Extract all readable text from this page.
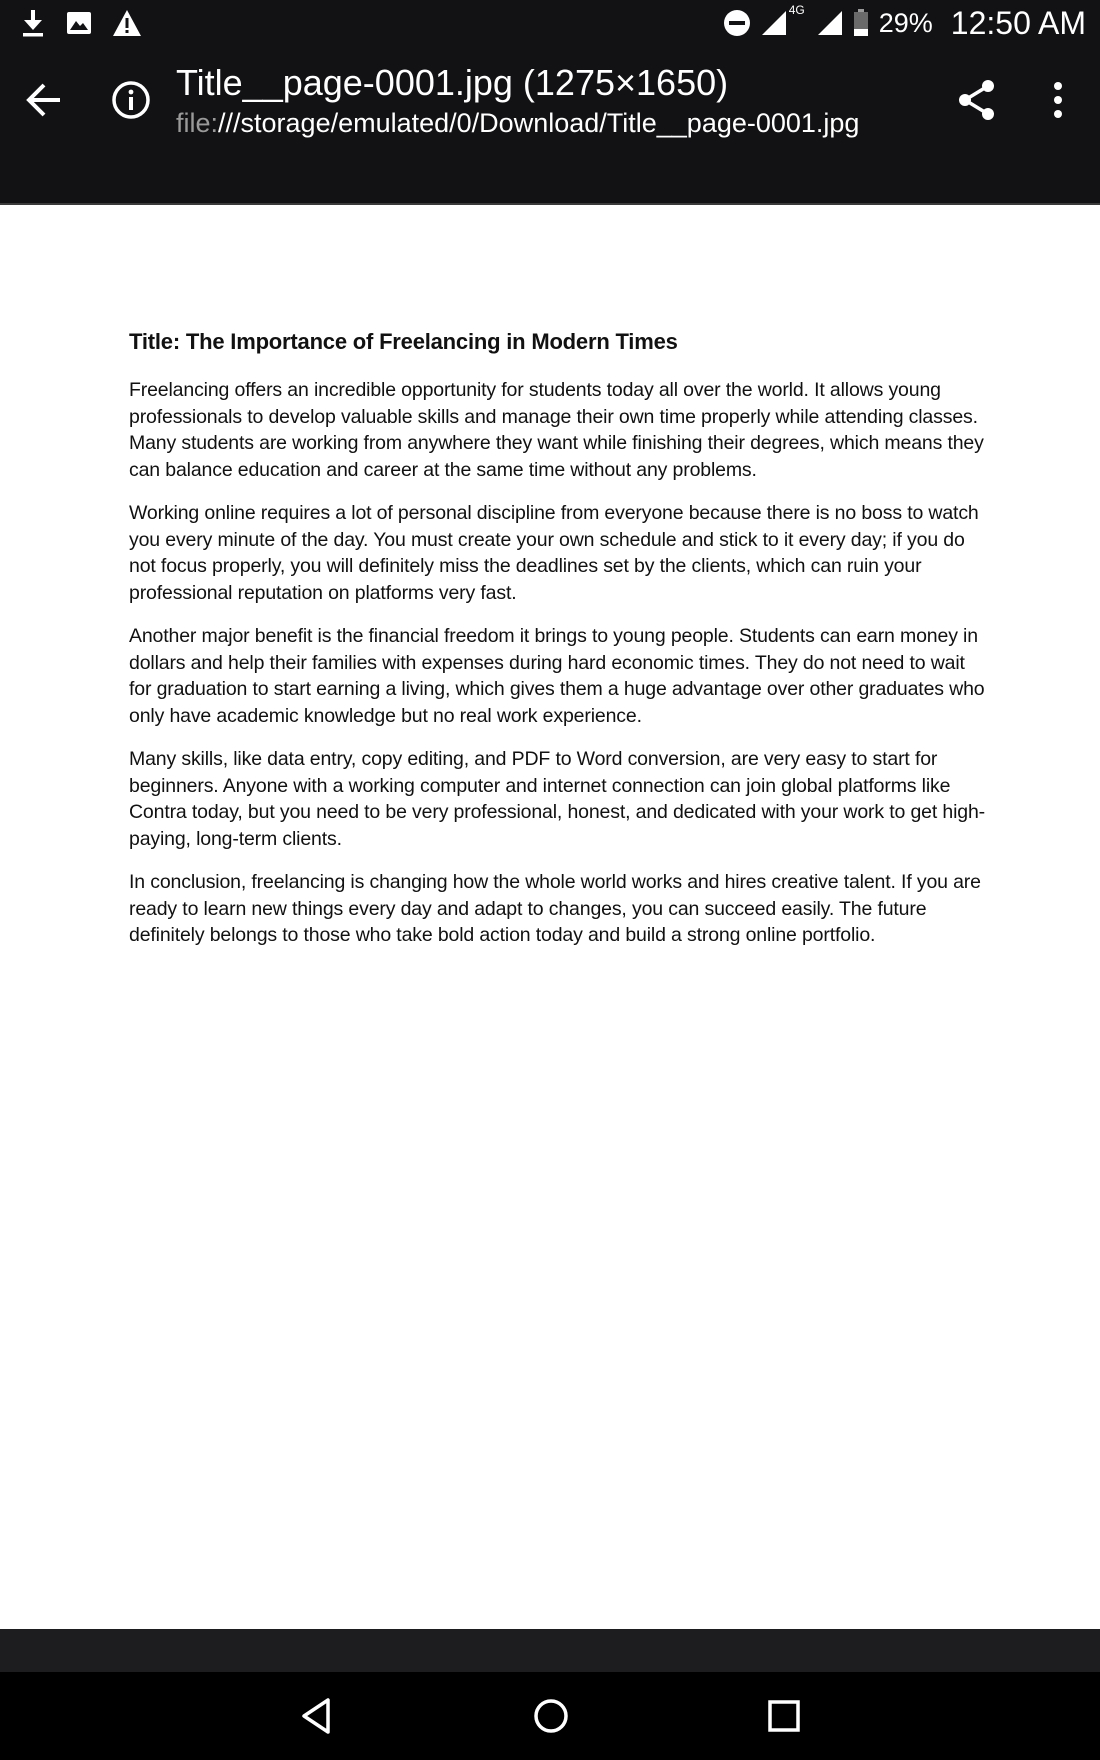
4G	29% 12:50 AM
Title__page-0001.jpg (1275×1650)
file:///storage/emulated/0/Download/Title__page-0001.jpg
Title: The Importance of Freelancing in Modern Times

Freelancing offers an incredible opportunity for students today all over the world. It allows young professionals to develop valuable skills and manage their own time properly while attending classes. Many students are working from anywhere they want while finishing their degrees, which means they can balance education and career at the same time without any problems.

Working online requires a lot of personal discipline from everyone because there is no boss to watch you every minute of the day. You must create your own schedule and stick to it every day; if you do not focus properly, you will definitely miss the deadlines set by the clients, which can ruin your professional reputation on platforms very fast.

Another major benefit is the financial freedom it brings to young people. Students can earn money in dollars and help their families with expenses during hard economic times. They do not need to wait for graduation to start earning a living, which gives them a huge advantage over other graduates who only have academic knowledge but no real work experience.

Many skills, like data entry, copy editing, and PDF to Word conversion, are very easy to start for beginners. Anyone with a working computer and internet connection can join global platforms like Contra today, but you need to be very professional, honest, and dedicated with your work to get high-paying, long-term clients.

In conclusion, freelancing is changing how the whole world works and hires creative talent. If you are ready to learn new things every day and adapt to changes, you can succeed easily. The future definitely belongs to those who take bold action today and build a strong online portfolio.
